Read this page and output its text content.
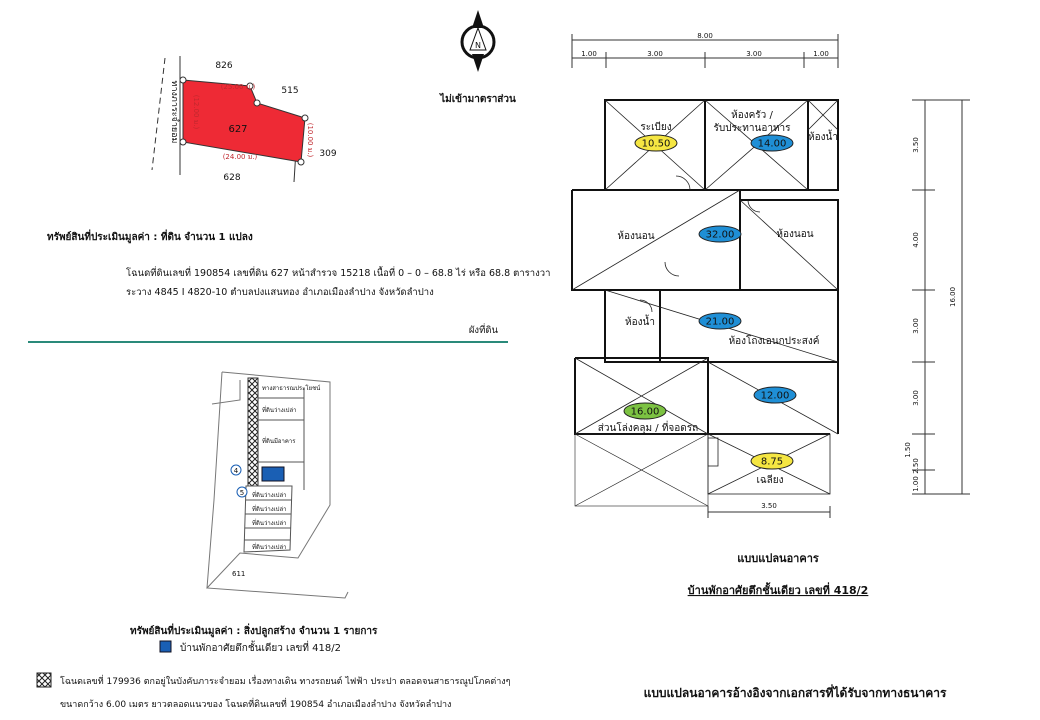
627
826
515
309
628
(25.00 ม.)
(24.00 ม.)
(12.00 ม.)
(10.00 ม.)
ทางภาระจำยอม
N
ไม่เข้ามาตราส่วน
ทรัพย์สินที่ประเมินมูลค่า : ที่ดิน จำนวน 1 แปลง
โฉนดที่ดินเลขที่ 190854 เลขที่ดิน 627 หน้าสำรวจ 15218 เนื้อที่ 0 – 0 – 68.8 ไร่ หรือ 68.8 ตารางวา
ระวาง 4845 I 4820-10 ตำบลปงแสนทอง อำเภอเมืองลำปาง จังหวัดลำปาง
ผังที่ดิน
ทางสาธารณประโยชน์
ที่ดินว่างเปล่า
ที่ดินมีอาคาร
ที่ดินว่างเปล่า
ที่ดินว่างเปล่า
ที่ดินว่างเปล่า
ที่ดินว่างเปล่า
611
4
5
ทรัพย์สินที่ประเมินมูลค่า : สิ่งปลูกสร้าง จำนวน 1 รายการ
บ้านพักอาศัยตึกชั้นเดียว เลขที่ 418/2
โฉนดเลขที่ 179936 ตกอยู่ในบังคับภาระจำยอม เรื่องทางเดิน ทางรถยนต์ ไฟฟ้า ประปา ตลอดจนสาธารณูปโภคต่างๆ
ขนาดกว้าง 6.00 เมตร ยาวตลอดแนวของ โฉนดที่ดินเลขที่ 190854 อำเภอเมืองลำปาง จังหวัดลำปาง
8.00
1.00	3.00	3.00	1.00
3.50
4.00
3.00
3.00
1.50
2.50
1.00
16.00
ระเบียง
ห้องครัว /
รับประทานอาหาร
ห้องน้ำ
ห้องนอน	ห้องนอน
ห้องน้ำ
ห้องโถงเอนกประสงค์
ส่วนโล่งคลุม / ที่จอดรถ
เฉลียง
10.50	14.00
32.00
21.00
12.00
16.00
8.75
3.50
แบบแปลนอาคาร
บ้านพักอาศัยตึกชั้นเดียว เลขที่ 418/2
แบบแปลนอาคารอ้างอิงจากเอกสารที่ได้รับจากทางธนาคาร
